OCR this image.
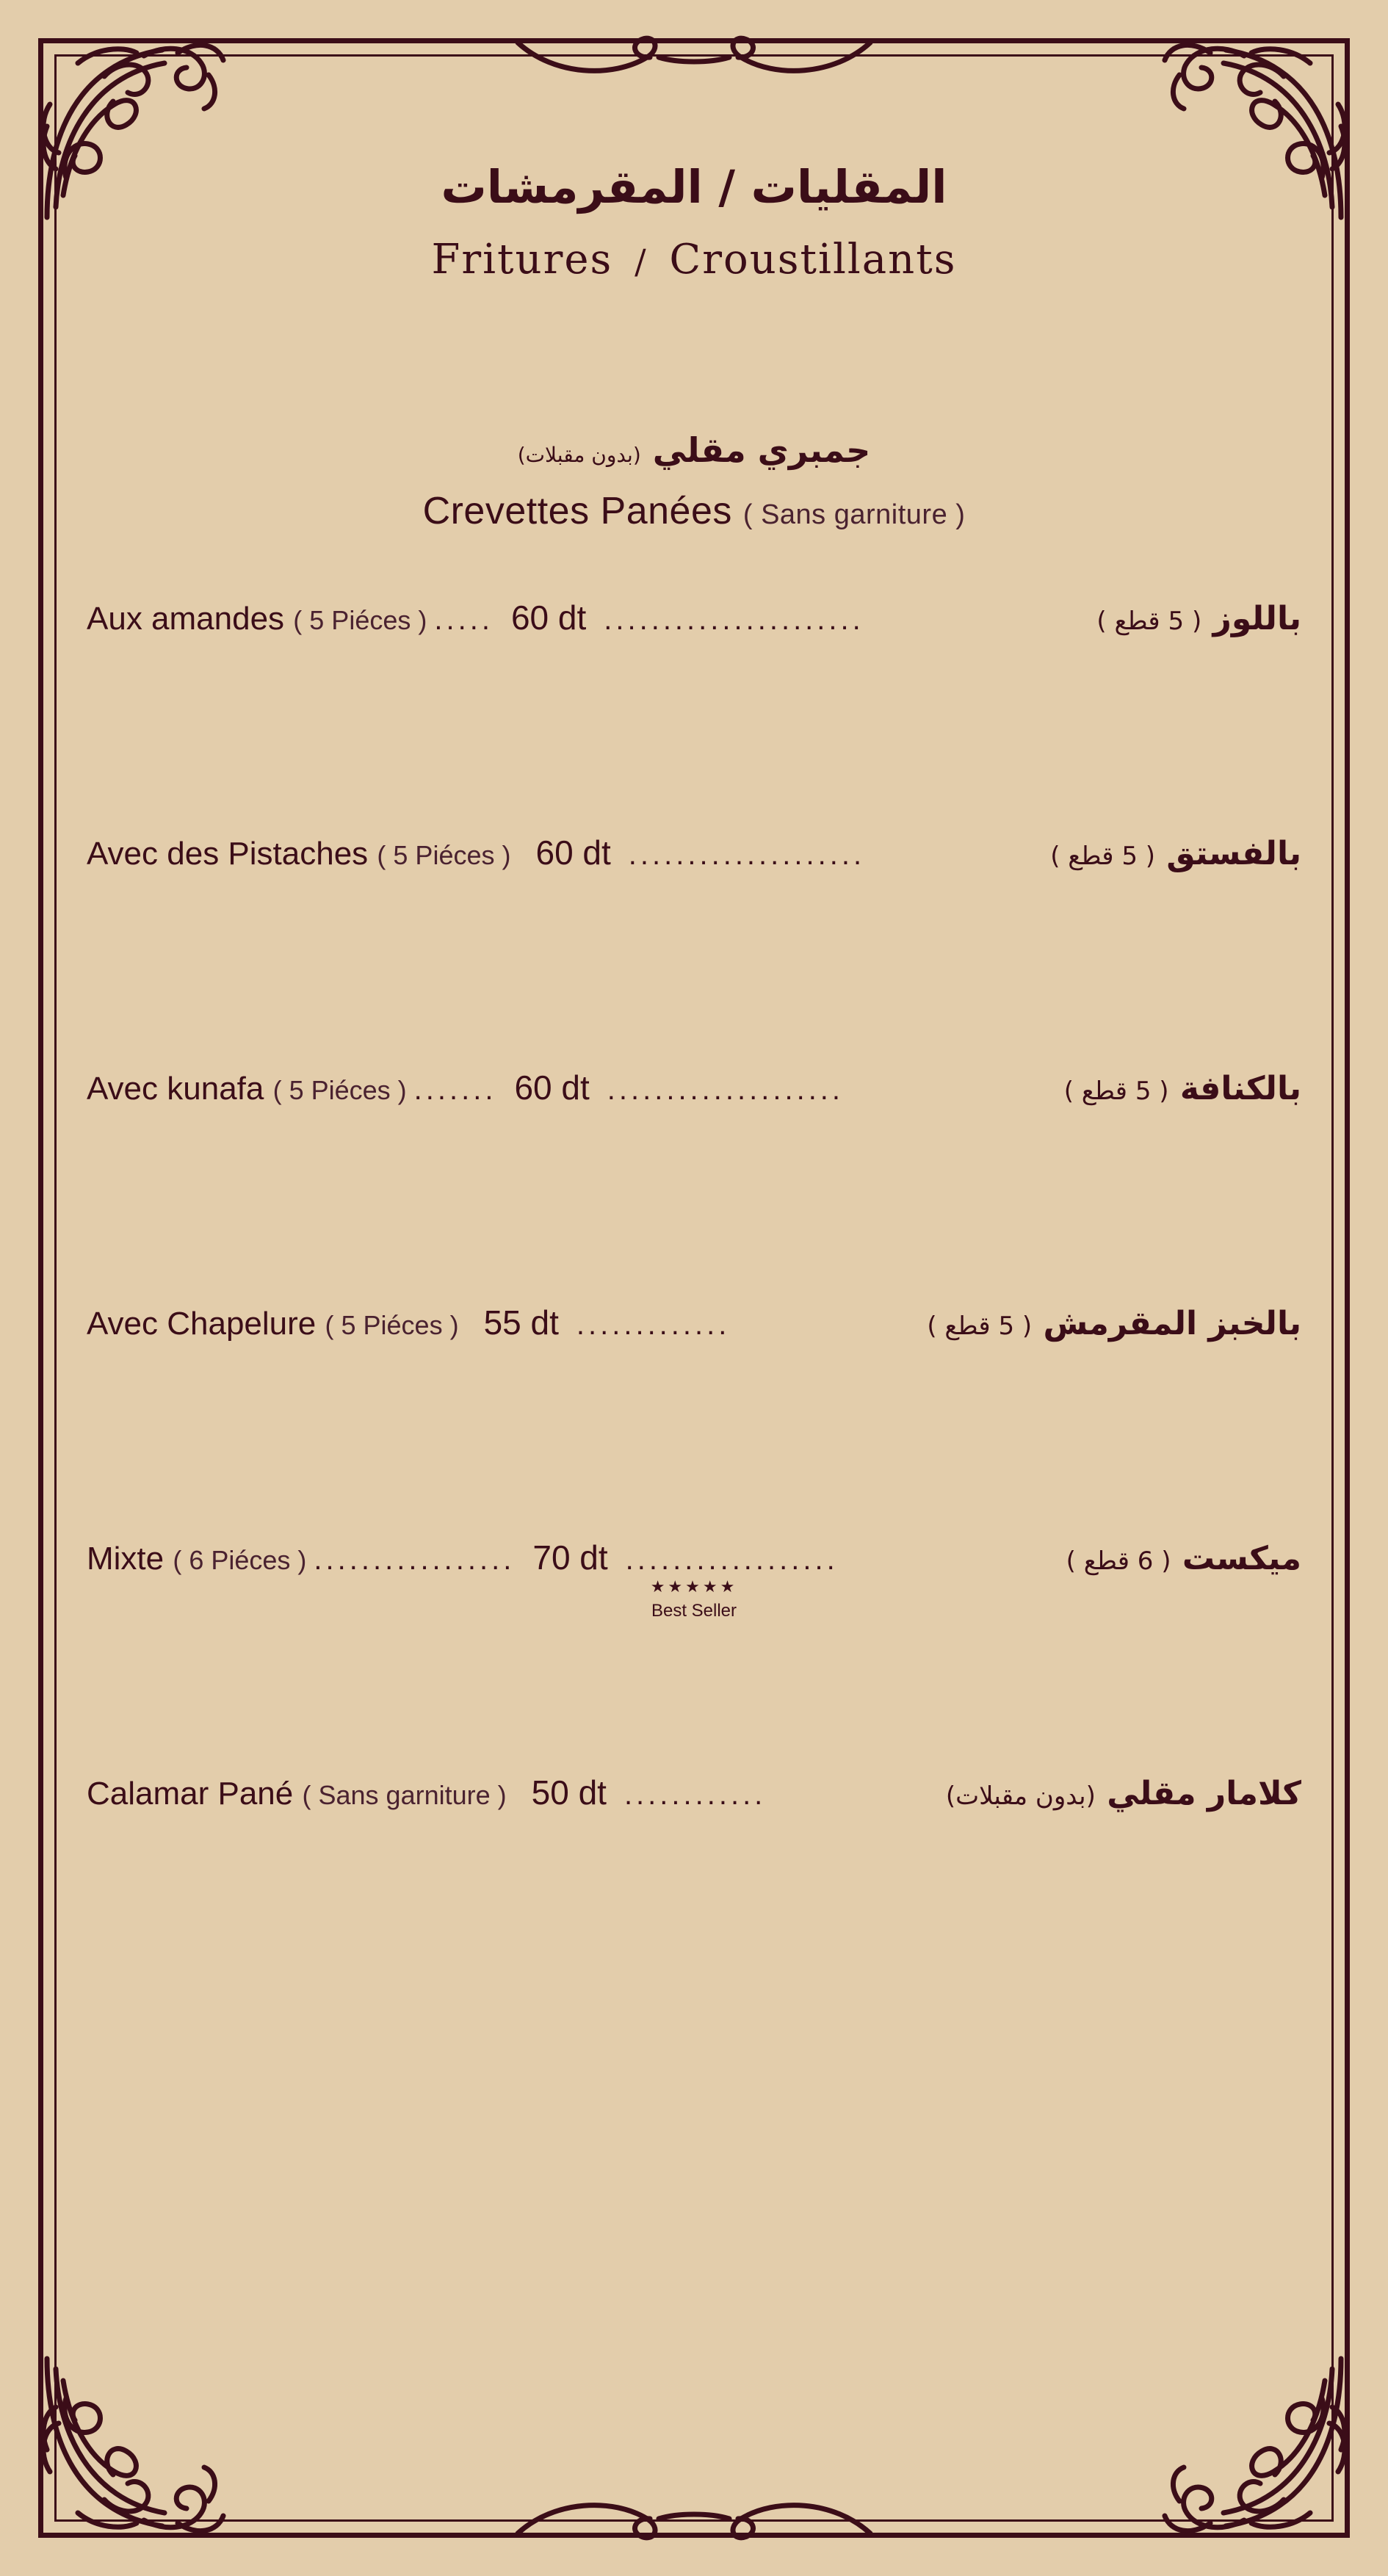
المقليات / المقرمشات
Fritures / Croustillants
جمبري مقلي (بدون مقبلات)
Crevettes Panées ( Sans garniture )
Aux amandes ( 5 Piéces ) ..... 60 dt ......................	باللوز ( 5 قطع )
Avec des Pistaches ( 5 Piéces ) 60 dt ....................	بالفستق ( 5 قطع )
Avec kunafa ( 5 Piéces ) ....... 60 dt ....................	بالكنافة ( 5 قطع )
Avec Chapelure ( 5 Piéces ) 55 dt .............	بالخبز المقرمش ( 5 قطع )
Mixte ( 6 Piéces ) ................. 70 dt ..................	ميكست ( 6 قطع )
★★★★★
Best Seller
Calamar Pané ( Sans garniture ) 50 dt ............	كلامار مقلي (بدون مقبلات)
